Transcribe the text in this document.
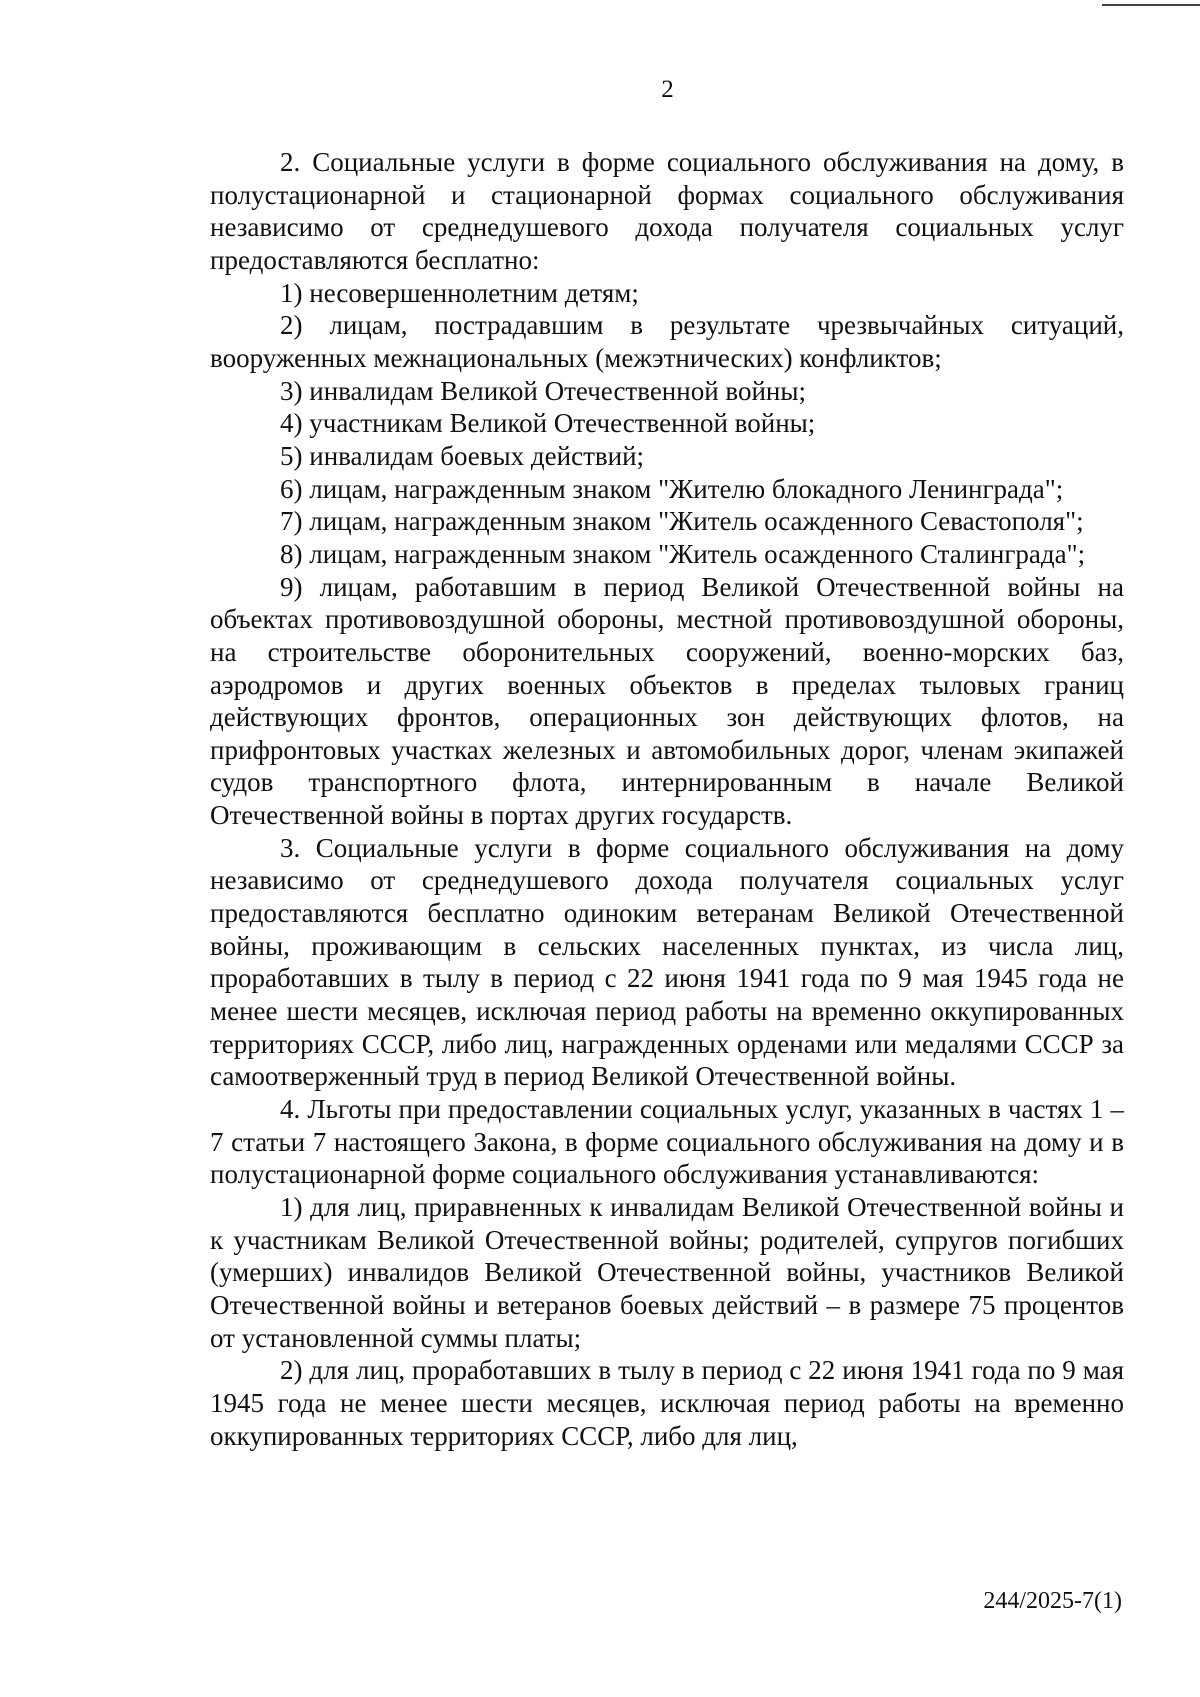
2

2. Социальные услуги в форме социального обслуживания на дому, в полустационарной и стационарной формах социального обслуживания независимо от среднедушевого дохода получателя социальных услуг предоставляются бесплатно:

1) несовершеннолетним детям;

2) лицам, пострадавшим в результате чрезвычайных ситуаций, вооруженных межнациональных (межэтнических) конфликтов;

3) инвалидам Великой Отечественной войны;

4) участникам Великой Отечественной войны;

5) инвалидам боевых действий;

6) лицам, награжденным знаком "Жителю блокадного Ленинграда";

7) лицам, награжденным знаком "Житель осажденного Севастополя";

8) лицам, награжденным знаком "Житель осажденного Сталинграда";

9) лицам, работавшим в период Великой Отечественной войны на объектах противовоздушной обороны, местной противовоздушной обороны, на строительстве оборонительных сооружений, военно-морских баз, аэродромов и других военных объектов в пределах тыловых границ действующих фронтов, операционных зон действующих флотов, на прифронтовых участках железных и автомобильных дорог, членам экипажей судов транспортного флота, интернированным в начале Великой Отечественной войны в портах других государств.

3. Социальные услуги в форме социального обслуживания на дому независимо от среднедушевого дохода получателя социальных услуг предоставляются бесплатно одиноким ветеранам Великой Отечественной войны, проживающим в сельских населенных пунктах, из числа лиц, проработавших в тылу в период с 22 июня 1941 года по 9 мая 1945 года не менее шести месяцев, исключая период работы на временно оккупированных территориях СССР, либо лиц, награжденных орденами или медалями СССР за самоотверженный труд в период Великой Отечественной войны.

4. Льготы при предоставлении социальных услуг, указанных в частях 1 – 7 статьи 7 настоящего Закона, в форме социального обслуживания на дому и в полустационарной форме социального обслуживания устанавливаются:

1) для лиц, приравненных к инвалидам Великой Отечественной войны и к участникам Великой Отечественной войны; родителей, супругов погибших (умерших) инвалидов Великой Отечественной войны, участников Великой Отечественной войны и ветеранов боевых действий – в размере 75 процентов от установленной суммы платы;

2) для лиц, проработавших в тылу в период с 22 июня 1941 года по 9 мая 1945 года не менее шести месяцев, исключая период работы на временно оккупированных территориях СССР, либо для лиц,

244/2025-7(1)
